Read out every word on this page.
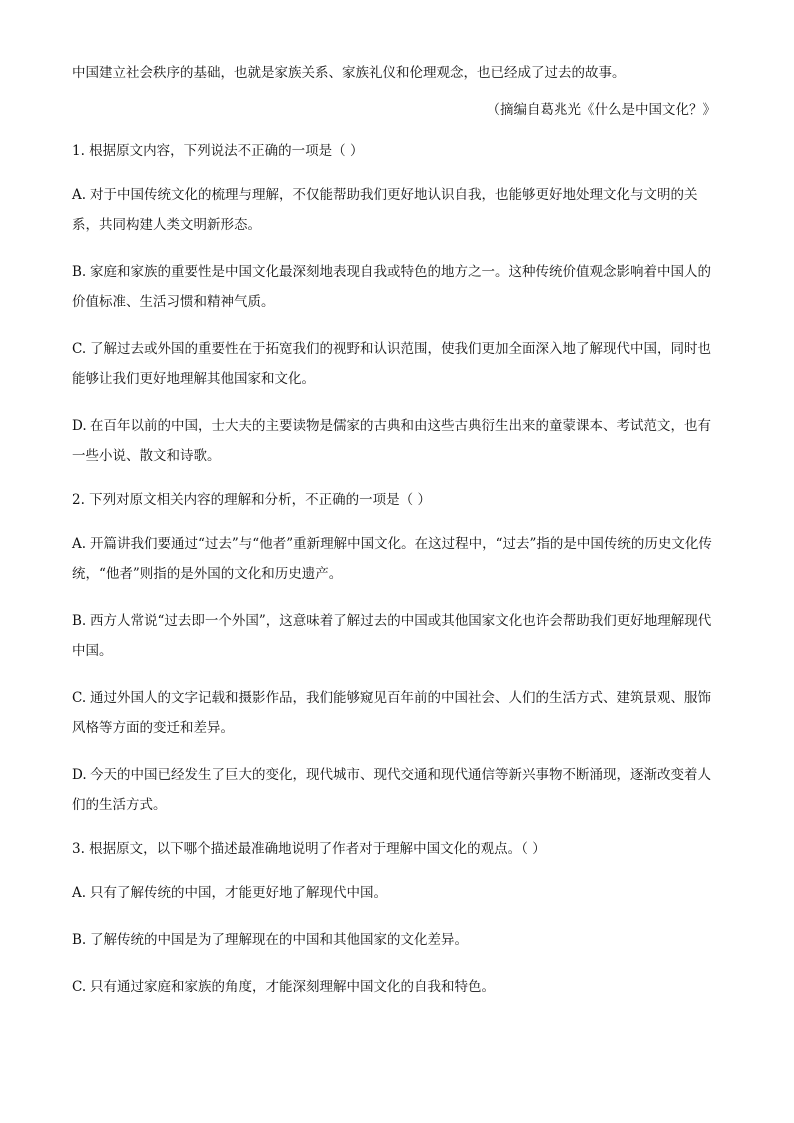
中国建立社会秩序的基础，也就是家族关系、家族礼仪和伦理观念，也已经成了过去的故事。

（摘编自葛兆光《什么是中国文化？》

1. 根据原文内容，下列说法不正确的一项是（ ）

A. 对于中国传统文化的梳理与理解，不仅能帮助我们更好地认识自我，也能够更好地处理文化与文明的关系，共同构建人类文明新形态。

B. 家庭和家族的重要性是中国文化最深刻地表现自我或特色的地方之一。这种传统价值观念影响着中国人的价值标准、生活习惯和精神气质。

C. 了解过去或外国的重要性在于拓宽我们的视野和认识范围，使我们更加全面深入地了解现代中国，同时也能够让我们更好地理解其他国家和文化。

D. 在百年以前的中国，士大夫的主要读物是儒家的古典和由这些古典衍生出来的童蒙课本、考试范文，也有一些小说、散文和诗歌。

2. 下列对原文相关内容的理解和分析，不正确的一项是（ ）

A. 开篇讲我们要通过“过去”与“他者”重新理解中国文化。在这过程中，“过去”指的是中国传统的历史文化传统，“他者”则指的是外国的文化和历史遗产。

B. 西方人常说“过去即一个外国”，这意味着了解过去的中国或其他国家文化也许会帮助我们更好地理解现代中国。

C. 通过外国人的文字记载和摄影作品，我们能够窥见百年前的中国社会、人们的生活方式、建筑景观、服饰风格等方面的变迁和差异。

D. 今天的中国已经发生了巨大的变化，现代城市、现代交通和现代通信等新兴事物不断涌现，逐渐改变着人们的生活方式。

3. 根据原文，以下哪个描述最准确地说明了作者对于理解中国文化的观点。（ ）

A. 只有了解传统的中国，才能更好地了解现代中国。

B. 了解传统的中国是为了理解现在的中国和其他国家的文化差异。

C. 只有通过家庭和家族的角度，才能深刻理解中国文化的自我和特色。
